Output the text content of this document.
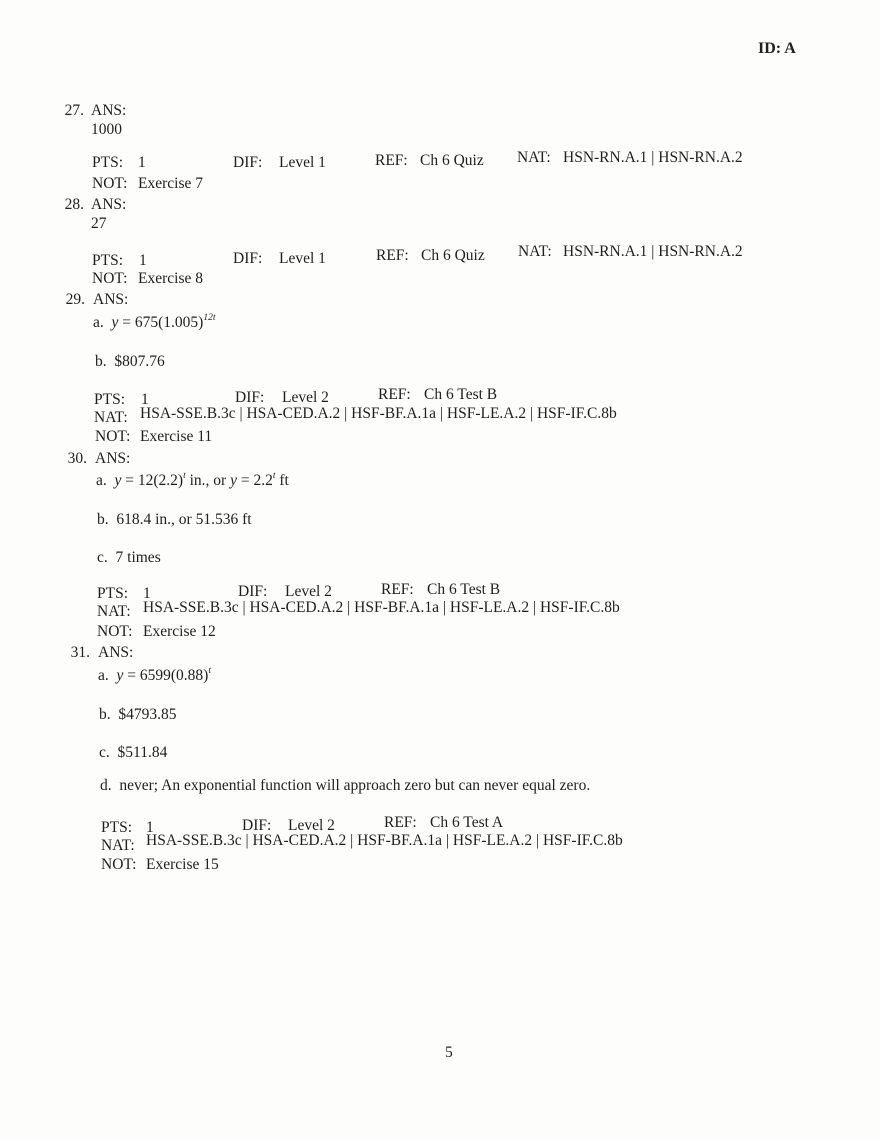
ID: A
27. ANS:
1000
PTS: 1	DIF: Level 1	REF: Ch 6 Quiz NAT: HSN-RN.A.1 | HSN-RN.A.2
NOT: Exercise 7
28. ANS:
27
PTS: 1	DIF: Level 1	REF: Ch 6 Quiz NAT: HSN-RN.A.1 | HSN-RN.A.2
NOT: Exercise 8
29. ANS:
a. $y = 675(1.005)^{12t}$
b. $807.76
PTS: 1	DIF: Level 2	REF: Ch 6 Test B
NAT: HSA-SSE.B.3c | HSA-CED.A.2 | HSF-BF.A.1a | HSF-LE.A.2 | HSF-IF.C.8b
NOT: Exercise 11
30. ANS:
a. $y = 12(2.2)^t$ in., or $y = 2.2^t$ ft
b. 618.4 in., or 51.536 ft
c. 7 times
PTS: 1	DIF: Level 2	REF: Ch 6 Test B
NAT: HSA-SSE.B.3c | HSA-CED.A.2 | HSF-BF.A.1a | HSF-LE.A.2 | HSF-IF.C.8b
NOT: Exercise 12
31. ANS:
a. $y = 6599(0.88)^t$
b. $4793.85
c. $511.84
d. never; An exponential function will approach zero but can never equal zero.
PTS: 1	DIF: Level 2	REF: Ch 6 Test A
NAT: HSA-SSE.B.3c | HSA-CED.A.2 | HSF-BF.A.1a | HSF-LE.A.2 | HSF-IF.C.8b
NOT: Exercise 15
5
